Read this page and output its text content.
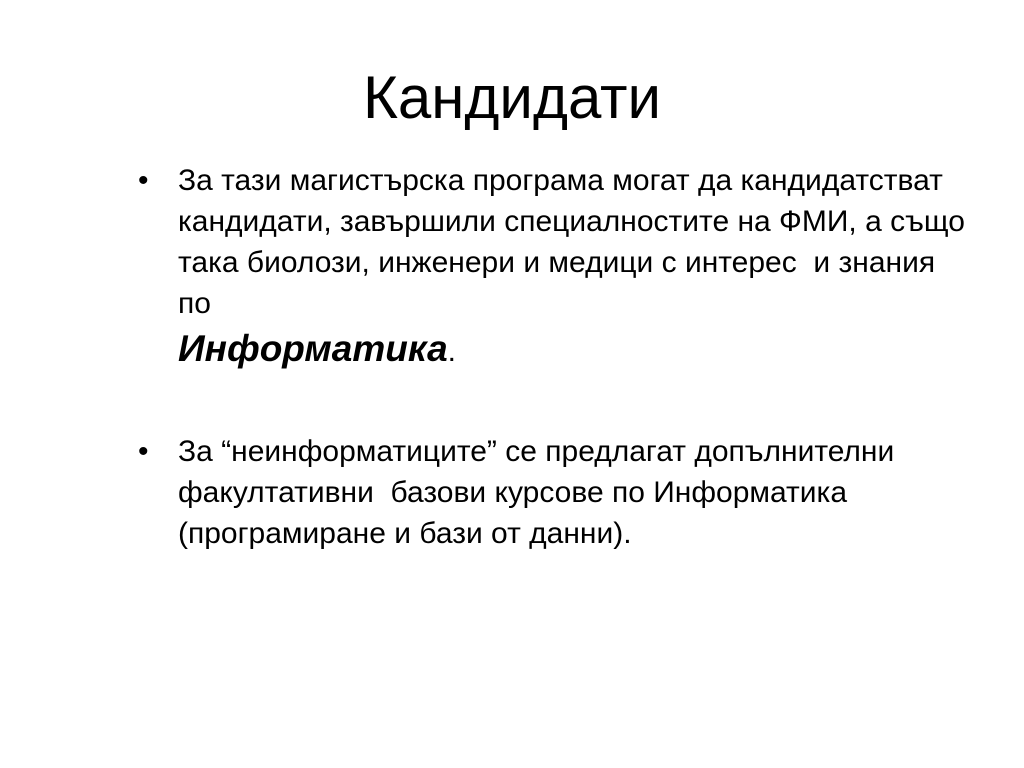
Кандидати
• За тази магистърска програма могат да кандидатстват кандидати, завършили специалностите на ФМИ, а също така биолози, инженери и медици с интерес  и знания  по
Информатика.
• За “неинформатиците” се предлагат допълнителни факултативни  базови курсове по Информатика (програмиране и бази от данни).
